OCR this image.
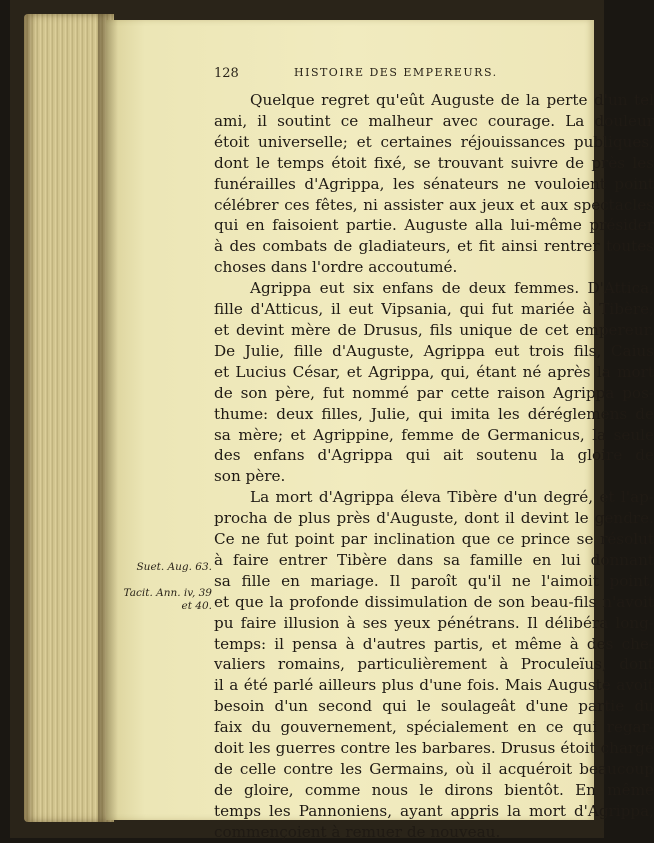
128	HISTOIRE DES EMPEREURS.
Quelque regret qu'eût Auguste de la perte d'un tel
ami, il soutint ce malheur avec courage. La douleur
étoit universelle; et certaines réjouissances publiques,
dont le temps étoit fixé, se trouvant suivre de près les
funérailles d'Agrippa, les sénateurs ne vouloient point
célébrer ces fêtes, ni assister aux jeux et aux spectacles
qui en faisoient partie. Auguste alla lui-même présider
à des combats de gladiateurs, et fit ainsi rentrer toutes
choses dans l'ordre accoutumé.
Agrippa eut six enfans de deux femmes. D'Attica,
fille d'Atticus, il eut Vipsania, qui fut mariée à Tibère,
et devint mère de Drusus, fils unique de cet empereur.
De Julie, fille d'Auguste, Agrippa eut trois fils, Caius
et Lucius César, et Agrippa, qui, étant né après la mort
de son père, fut nommé par cette raison Agrippa pos-
thume: deux filles, Julie, qui imita les déréglemens de
sa mère; et Agrippine, femme de Germanicus, la seule
des enfans d'Agrippa qui ait soutenu la gloire de
son père.
La mort d'Agrippa éleva Tibère d'un degré, et l'ap-
procha de plus près d'Auguste, dont il devint le gendre.
Ce ne fut point par inclination que ce prince se résolut
à faire entrer Tibère dans sa famille en lui donnant
sa fille en mariage. Il paroît qu'il ne l'aimoit point,
et que la profonde dissimulation de son beau-fils n'avoit
pu faire illusion à ses yeux pénétrans. Il délibéra long-
temps: il pensa à d'autres partis, et même à des che-
valiers romains, particulièrement à Proculeïus, dont
il a été parlé ailleurs plus d'une fois. Mais Auguste avoit
besoin d'un second qui le soulageât d'une partie du
faix du gouvernement, spécialement en ce qui regar-
doit les guerres contre les barbares. Drusus étoit chargé
de celle contre les Germains, où il acquéroit beaucoup
de gloire, comme nous le dirons bientôt. En même
temps les Pannoniens, ayant appris la mort d'Agrippa,
commençoient à remuer de nouveau.
Suet. Aug. 63.
Tacit. Ann. iv, 39 et 40.
